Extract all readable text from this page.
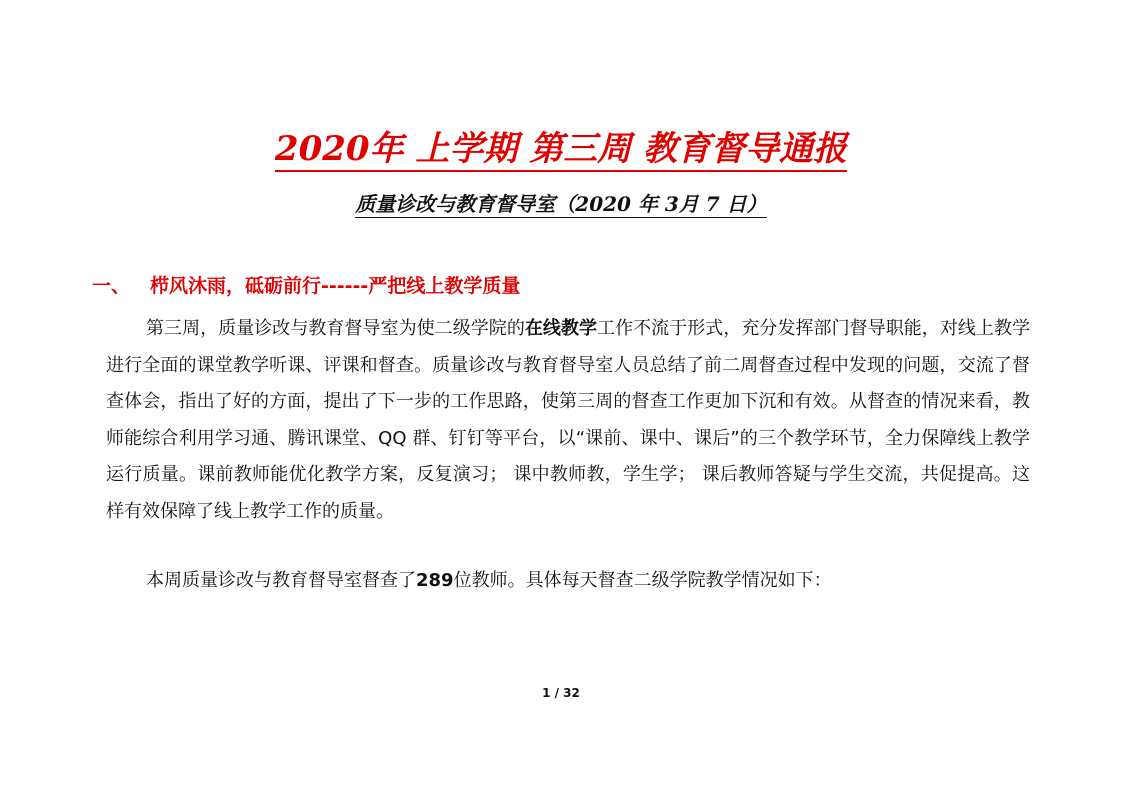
2020年 上学期 第三周 教育督导通报
质量诊改与教育督导室（2020 年 3月 7 日）
一、 栉风沐雨，砥砺前行------严把线上教学质量
第三周，质量诊改与教育督导室为使二级学院的在线教学工作不流于形式，充分发挥部门督导职能，对线上教学进行全面的课堂教学听课、评课和督查。质量诊改与教育督导室人员总结了前二周督查过程中发现的问题，交流了督查体会，指出了好的方面，提出了下一步的工作思路，使第三周的督查工作更加下沉和有效。从督查的情况来看，教师能综合利用学习通、腾讯课堂、QQ 群、钉钉等平台，以“课前、课中、课后”的三个教学环节，全力保障线上教学运行质量。课前教师能优化教学方案，反复演习； 课中教师教，学生学； 课后教师答疑与学生交流，共促提高。这样有效保障了线上教学工作的质量。
本周质量诊改与教育督导室督查了289位教师。具体每天督查二级学院教学情况如下：
1 / 32
